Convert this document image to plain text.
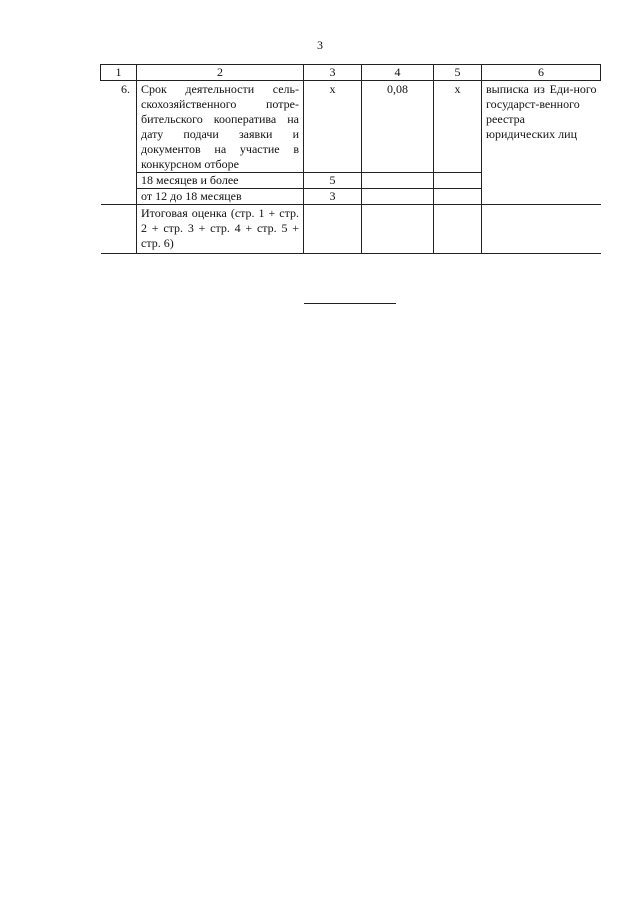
3
1	2	3	4	5	6
6.	Срок деятельности сель-скохозяйственного потре-бительского кооператива на дату подачи заявки и документов на участие в конкурсном отборе	х	0,08	х	выписка из Еди-ного государст-венного реестра юридических лиц
	18 месяцев и более	5			
	от 12 до 18 месяцев	3			
	Итоговая оценка (стр. 1 + стр. 2 + стр. 3 + стр. 4 + стр. 5 + стр. 6)				
